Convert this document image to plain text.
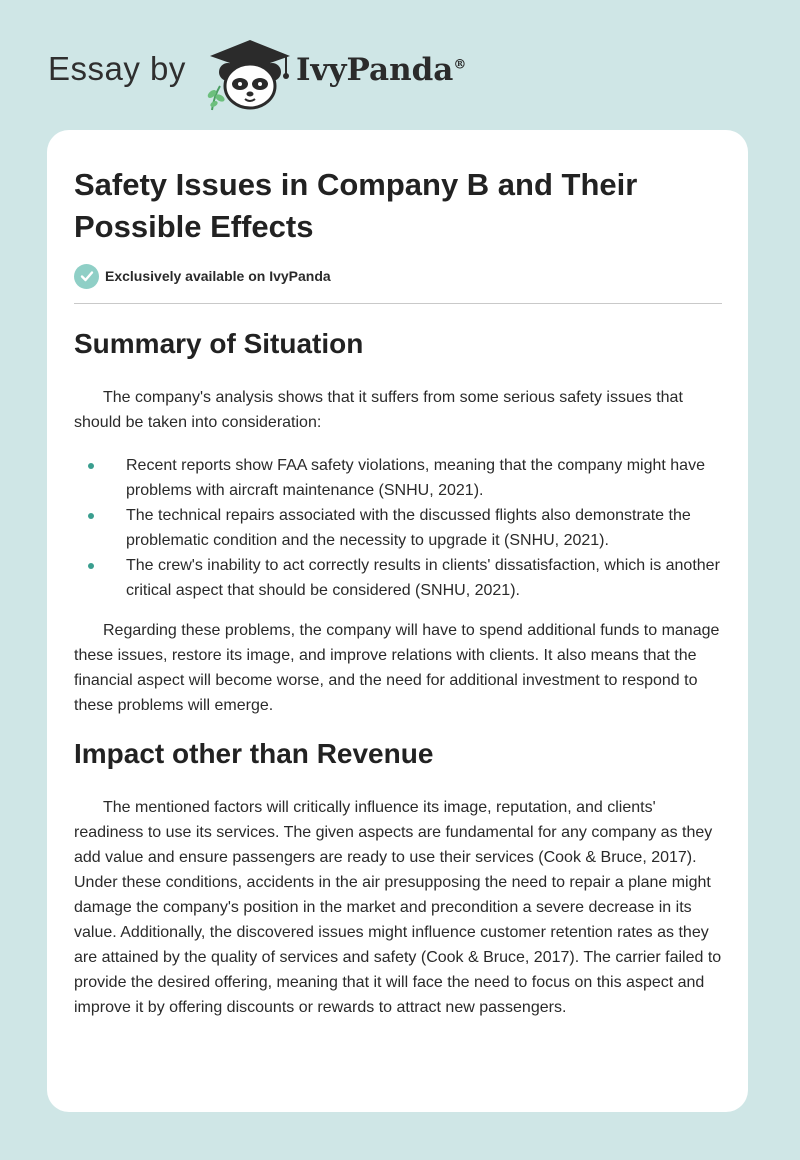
Essay by	IvyPanda®
Safety Issues in Company B and Their Possible Effects
Exclusively available on IvyPanda
Summary of Situation

The company's analysis shows that it suffers from some serious safety issues that should be taken into consideration:

Recent reports show FAA safety violations, meaning that the company might have problems with aircraft maintenance (SNHU, 2021).
The technical repairs associated with the discussed flights also demonstrate the problematic condition and the necessity to upgrade it (SNHU, 2021).
The crew's inability to act correctly results in clients' dissatisfaction, which is another critical aspect that should be considered (SNHU, 2021).

Regarding these problems, the company will have to spend additional funds to manage these issues, restore its image, and improve relations with clients. It also means that the financial aspect will become worse, and the need for additional investment to respond to these problems will emerge.

Impact other than Revenue

The mentioned factors will critically influence its image, reputation, and clients' readiness to use its services. The given aspects are fundamental for any company as they add value and ensure passengers are ready to use their services (Cook & Bruce, 2017). Under these conditions, accidents in the air presupposing the need to repair a plane might damage the company's position in the market and precondition a severe decrease in its value. Additionally, the discovered issues might influence customer retention rates as they are attained by the quality of services and safety (Cook & Bruce, 2017). The carrier failed to provide the desired offering, meaning that it will face the need to focus on this aspect and improve it by offering discounts or rewards to attract new passengers.
